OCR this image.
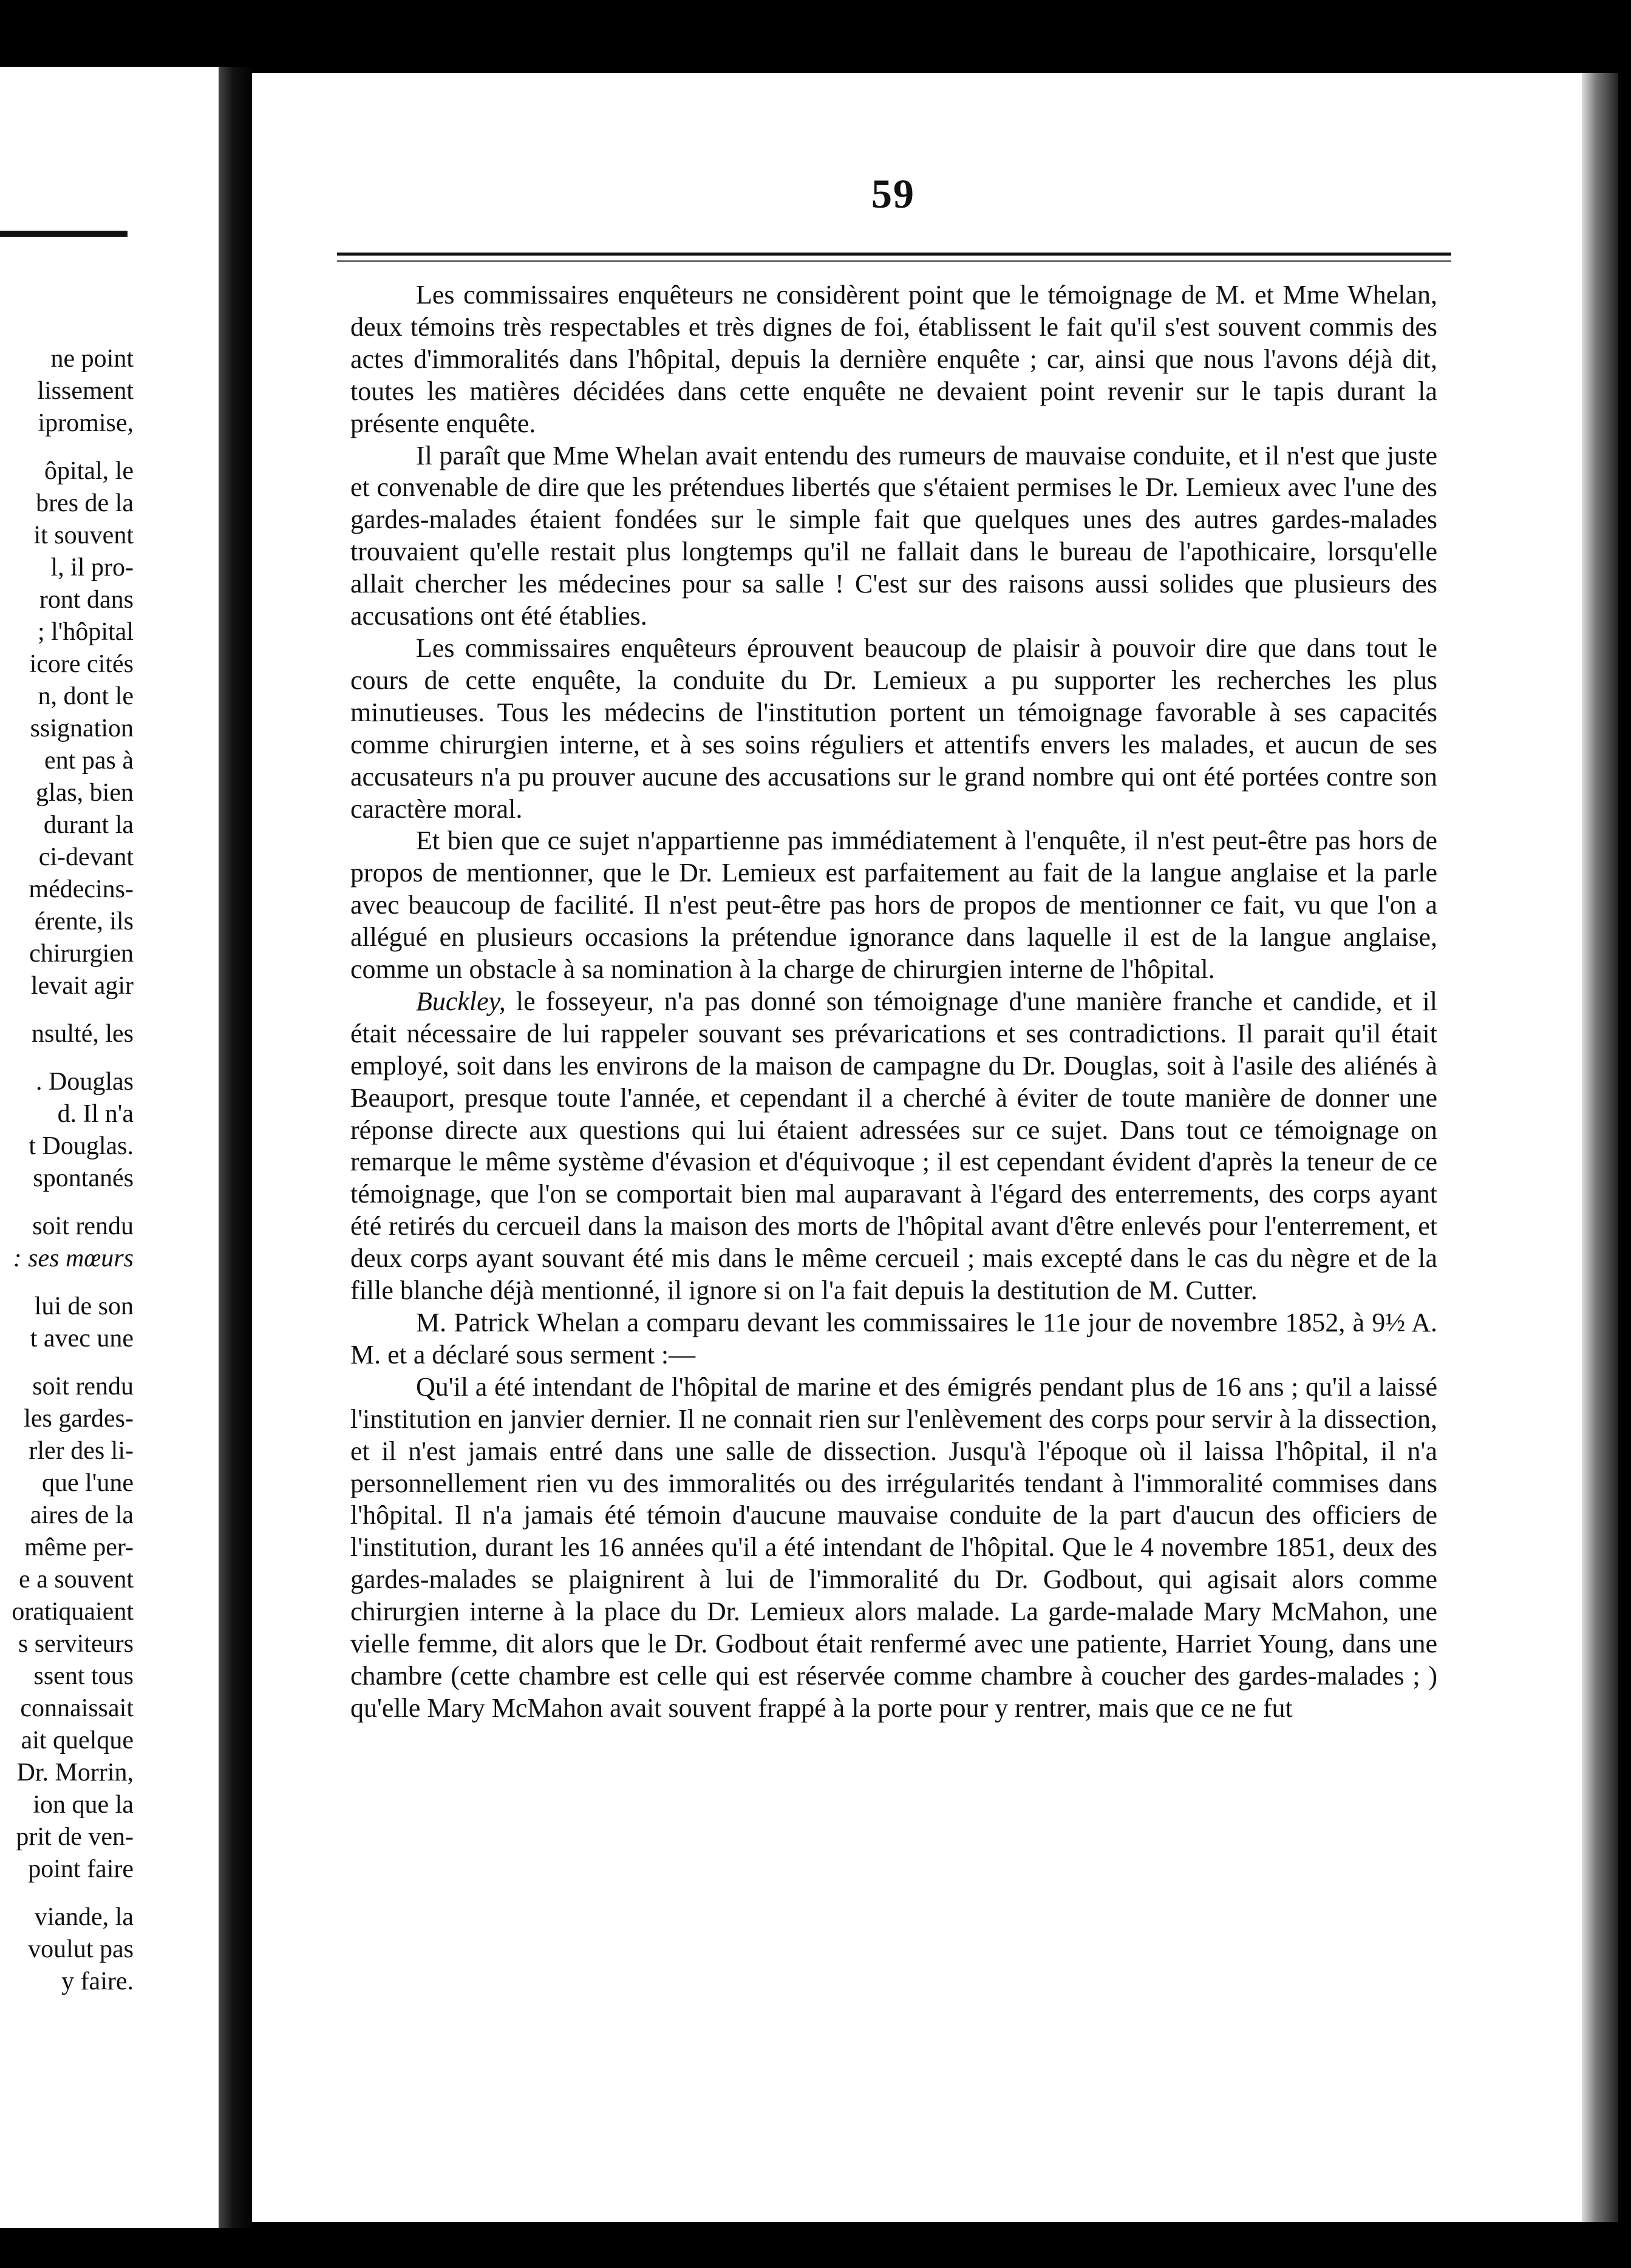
ne point
lissement
ipromise,
ôpital, le
bres de la
it souvent
l, il pro-
ront dans
; l'hôpital
icore cités
n, dont le
ssignation
ent pas à
glas, bien
durant la
ci-devant
médecins-
érente, ils
chirurgien
levait agir
nsulté, les
. Douglas
d. Il n'a
t Douglas.
spontanés
soit rendu
: ses mœurs
lui de son
t avec une
soit rendu
les gardes-
rler des li-
que l'une
aires de la
même per-
e a souvent
oratiquaient
s serviteurs
ssent tous
connaissait
ait quelque
Dr. Morrin,
ion que la
prit de ven-
point faire
viande, la
voulut pas
y faire.
59

Les commissaires enquêteurs ne considèrent point que le témoignage de M. et Mme Whelan, deux témoins très respectables et très dignes de foi, établissent le fait qu'il s'est souvent commis des actes d'immoralités dans l'hôpital, depuis la dernière enquête ; car, ainsi que nous l'avons déjà dit, toutes les matières décidées dans cette enquête ne devaient point revenir sur le tapis durant la présente enquête.

Il paraît que Mme Whelan avait entendu des rumeurs de mauvaise conduite, et il n'est que juste et convenable de dire que les prétendues libertés que s'étaient permises le Dr. Lemieux avec l'une des gardes-malades étaient fondées sur le simple fait que quelques unes des autres gardes-malades trouvaient qu'elle restait plus longtemps qu'il ne fallait dans le bureau de l'apothicaire, lorsqu'elle allait chercher les médecines pour sa salle ! C'est sur des raisons aussi solides que plusieurs des accusations ont été établies.

Les commissaires enquêteurs éprouvent beaucoup de plaisir à pouvoir dire que dans tout le cours de cette enquête, la conduite du Dr. Lemieux a pu supporter les recherches les plus minutieuses. Tous les médecins de l'institution portent un témoignage favorable à ses capacités comme chirurgien interne, et à ses soins réguliers et attentifs envers les malades, et aucun de ses accusateurs n'a pu prouver aucune des accusations sur le grand nombre qui ont été portées contre son caractère moral.

Et bien que ce sujet n'appartienne pas immédiatement à l'enquête, il n'est peut-être pas hors de propos de mentionner, que le Dr. Lemieux est parfaitement au fait de la langue anglaise et la parle avec beaucoup de facilité. Il n'est peut-être pas hors de propos de mentionner ce fait, vu que l'on a allégué en plusieurs occasions la prétendue ignorance dans laquelle il est de la langue anglaise, comme un obstacle à sa nomination à la charge de chirurgien interne de l'hôpital.

Buckley, le fosseyeur, n'a pas donné son témoignage d'une manière franche et candide, et il était nécessaire de lui rappeler souvant ses prévarications et ses contradictions. Il parait qu'il était employé, soit dans les environs de la maison de campagne du Dr. Douglas, soit à l'asile des aliénés à Beauport, presque toute l'année, et cependant il a cherché à éviter de toute manière de donner une réponse directe aux questions qui lui étaient adressées sur ce sujet. Dans tout ce témoignage on remarque le même système d'évasion et d'équivoque ; il est cependant évident d'après la teneur de ce témoignage, que l'on se comportait bien mal auparavant à l'égard des enterrements, des corps ayant été retirés du cercueil dans la maison des morts de l'hôpital avant d'être enlevés pour l'enterrement, et deux corps ayant souvant été mis dans le même cercueil ; mais excepté dans le cas du nègre et de la fille blanche déjà mentionné, il ignore si on l'a fait depuis la destitution de M. Cutter.

M. Patrick Whelan a comparu devant les commissaires le 11e jour de novembre 1852, à 9½ A. M. et a déclaré sous serment :—

Qu'il a été intendant de l'hôpital de marine et des émigrés pendant plus de 16 ans ; qu'il a laissé l'institution en janvier dernier. Il ne connait rien sur l'enlèvement des corps pour servir à la dissection, et il n'est jamais entré dans une salle de dissection. Jusqu'à l'époque où il laissa l'hôpital, il n'a personnellement rien vu des immoralités ou des irrégularités tendant à l'immoralité commises dans l'hôpital. Il n'a jamais été témoin d'aucune mauvaise conduite de la part d'aucun des officiers de l'institution, durant les 16 années qu'il a été intendant de l'hôpital. Que le 4 novembre 1851, deux des gardes-malades se plaignirent à lui de l'immoralité du Dr. Godbout, qui agisait alors comme chirurgien interne à la place du Dr. Lemieux alors malade. La garde-malade Mary McMahon, une vielle femme, dit alors que le Dr. Godbout était renfermé avec une patiente, Harriet Young, dans une chambre (cette chambre est celle qui est réservée comme chambre à coucher des gardes-malades ; ) qu'elle Mary McMahon avait souvent frappé à la porte pour y rentrer, mais que ce ne fut
